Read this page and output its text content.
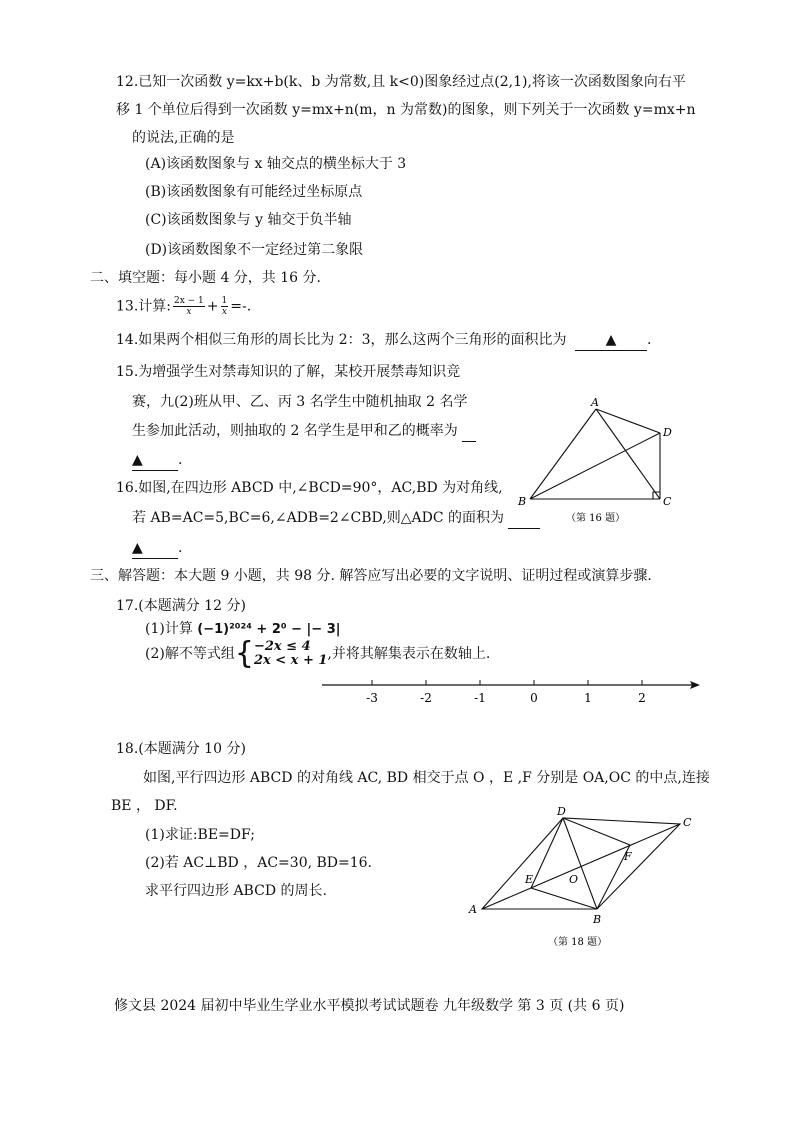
12.已知一次函数 y=kx+b(k、b 为常数,且 k<0)图象经过点(2,1),将该一次函数图象向右平
移 1 个单位后得到一次函数 y=mx+n(m，n 为常数)的图象，则下列关于一次函数 y=mx+n
的说法,正确的是
(A)该函数图象与 x 轴交点的横坐标大于 3
(B)该函数图象有可能经过坐标原点
(C)该函数图象与 y 轴交于负半轴
(D)该函数图象不一定经过第二象限
二、填空题：每小题 4 分，共 16 分.
13.计算: $\frac{2x - 1}{x} + \frac{1}{x}$ =-.
14.如果两个相似三角形的周长比为 2：3，那么这两个三角形的面积比为	▲ .
15.为增强学生对禁毒知识的了解，某校开展禁毒知识竞
赛，九(2)班从甲、乙、丙 3 名学生中随机抽取 2 名学
生参加此活动，则抽取的 2 名学生是甲和乙的概率为
▲	.
16.如图,在四边形 ABCD 中,∠BCD=90°，AC,BD 为对角线,
若 AB=AC=5,BC=6,∠ADB=2∠CBD,则△ADC 的面积为
▲	.
A
D
B	C
（第 16 题）
三、解答题：本大题 9 小题，共 98 分. 解答应写出必要的文字说明、证明过程或演算步骤.
17.(本题满分 12 分)
(1)计算 (−1)²⁰²⁴ + 2⁰ − |− 3|
(2)解不等式组{ −2x ≤ 4
2x < x + 1 ,并将其解集表示在数轴上.
-3	-2	-1	0	1	2
18.(本题满分 10 分)
如图,平行四边形 ABCD 的对角线 AC, BD 相交于点 O ，E ,F 分别是 OA,OC 的中点,连接
BE ， DF.
(1)求证:BE=DF;
(2)若 AC⊥BD ，AC=30, BD=16.
求平行四边形 ABCD 的周长.
D
C
F
E	O
A
B
（第 18 题）
修文县 2024 届初中毕业生学业水平模拟考试试题卷 九年级数学 第 3 页 (共 6 页)
